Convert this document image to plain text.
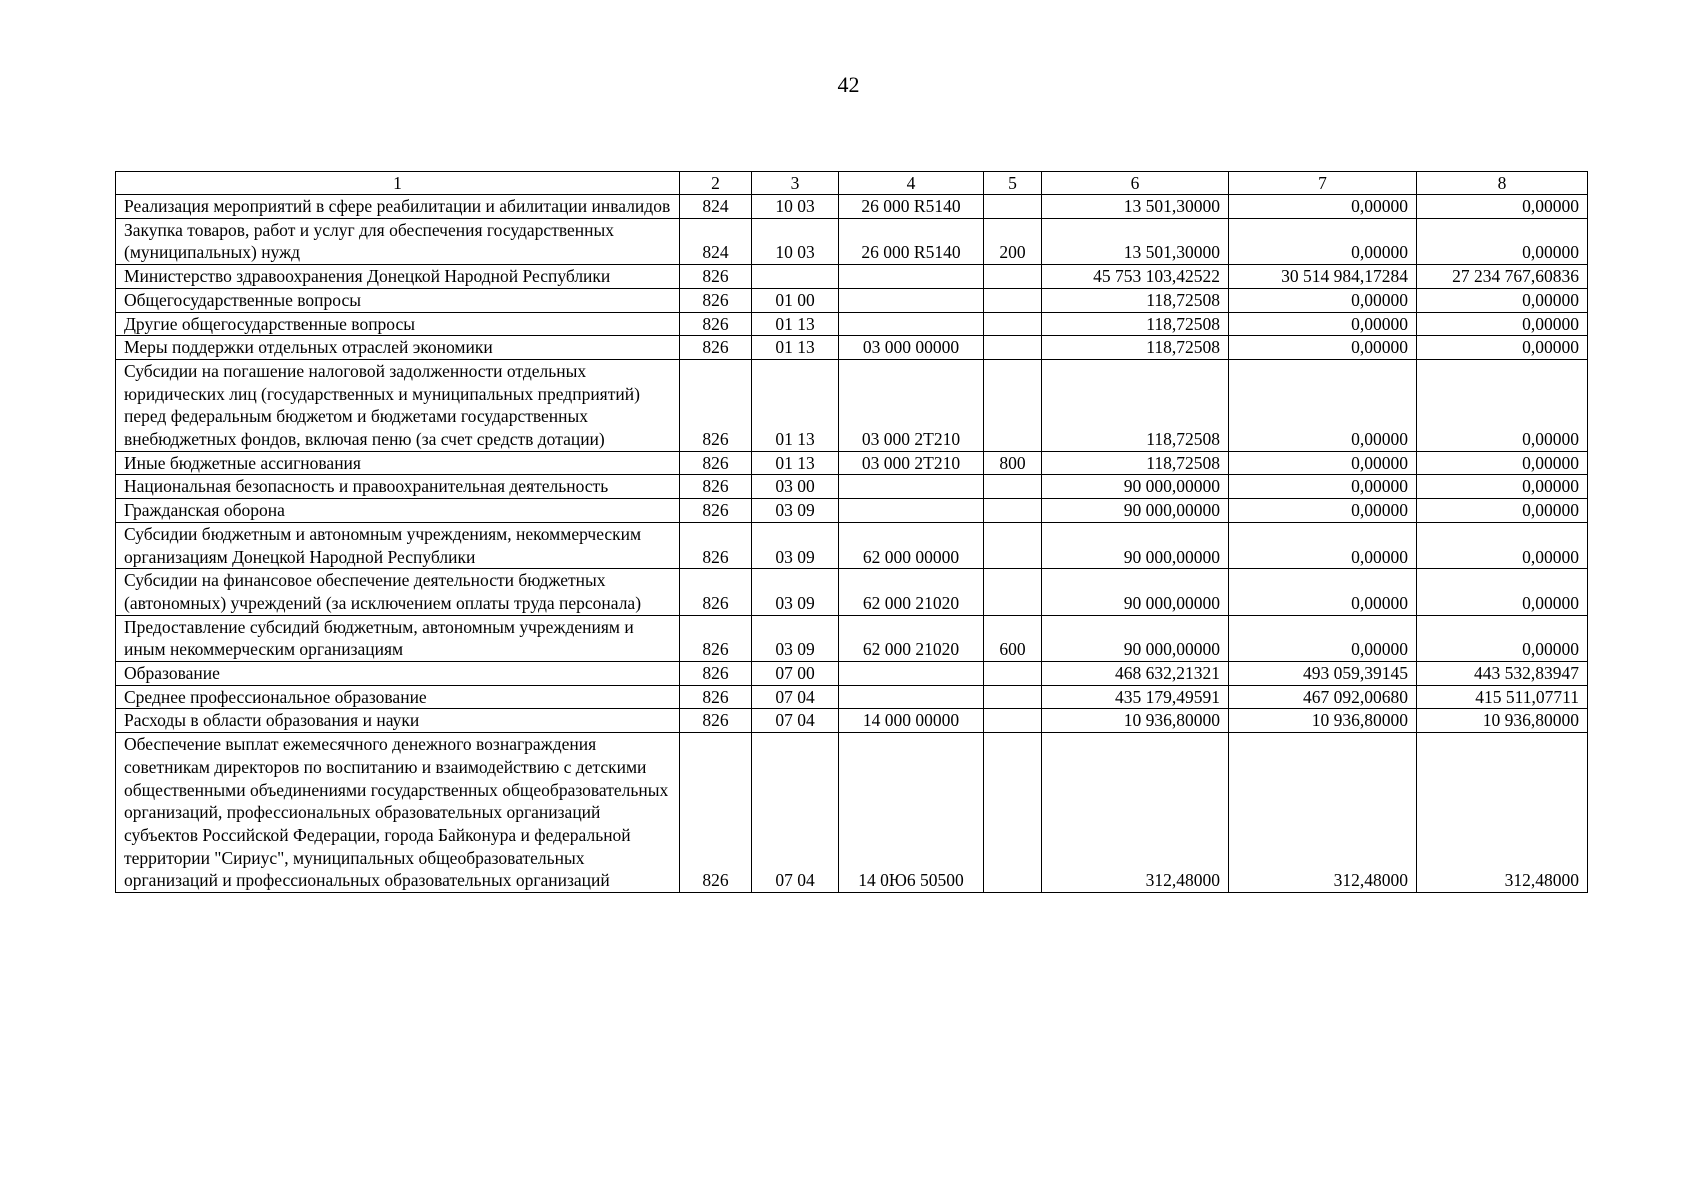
42
1	2	3	4	5	6	7	8
Реализация мероприятий в сфере реабилитации и абилитации инвалидов	824	10 03	26 000 R5140		13 501,30000	0,00000	0,00000
Закупка товаров, работ и услуг для обеспечения государственных (муниципальных) нужд	824	10 03	26 000 R5140	200	13 501,30000	0,00000	0,00000
Министерство здравоохранения Донецкой Народной Республики	826				45 753 103,42522	30 514 984,17284	27 234 767,60836
Общегосударственные вопросы	826	01 00			118,72508	0,00000	0,00000
Другие общегосударственные вопросы	826	01 13			118,72508	0,00000	0,00000
Меры поддержки отдельных отраслей экономики	826	01 13	03 000 00000		118,72508	0,00000	0,00000
Субсидии на погашение налоговой задолженности отдельных юридических лиц (государственных и муниципальных предприятий) перед федеральным бюджетом и бюджетами государственных внебюджетных фондов, включая пеню (за счет средств дотации)	826	01 13	03 000 2Т210		118,72508	0,00000	0,00000
Иные бюджетные ассигнования	826	01 13	03 000 2Т210	800	118,72508	0,00000	0,00000
Национальная безопасность и правоохранительная деятельность	826	03 00			90 000,00000	0,00000	0,00000
Гражданская оборона	826	03 09			90 000,00000	0,00000	0,00000
Субсидии бюджетным и автономным учреждениям, некоммерческим организациям Донецкой Народной Республики	826	03 09	62 000 00000		90 000,00000	0,00000	0,00000
Субсидии на финансовое обеспечение деятельности бюджетных (автономных) учреждений (за исключением оплаты труда персонала)	826	03 09	62 000 21020		90 000,00000	0,00000	0,00000
Предоставление субсидий бюджетным, автономным учреждениям и иным некоммерческим организациям	826	03 09	62 000 21020	600	90 000,00000	0,00000	0,00000
Образование	826	07 00			468 632,21321	493 059,39145	443 532,83947
Среднее профессиональное образование	826	07 04			435 179,49591	467 092,00680	415 511,07711
Расходы в области образования и науки	826	07 04	14 000 00000		10 936,80000	10 936,80000	10 936,80000
Обеспечение выплат ежемесячного денежного вознаграждения советникам директоров по воспитанию и взаимодействию с детскими общественными объединениями государственных общеобразовательных организаций, профессиональных образовательных организаций субъектов Российской Федерации, города Байконура и федеральной территории "Сириус", муниципальных общеобразовательных организаций и профессиональных образовательных организаций	826	07 04	14 0Ю6 50500		312,48000	312,48000	312,48000
